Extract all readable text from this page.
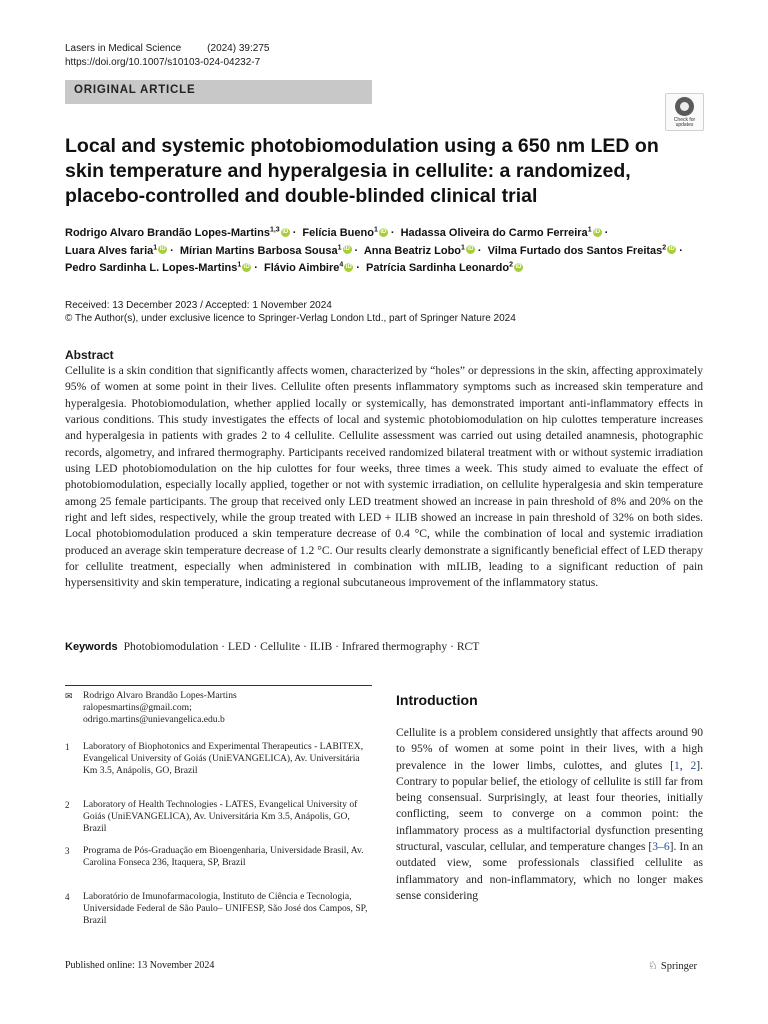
Lasers in Medical Science	(2024) 39:275
https://doi.org/10.1007/s10103-024-04232-7
ORIGINAL ARTICLE
Check for
updates
Local and systemic photobiomodulation using a 650 nm LED on skin temperature and hyperalgesia in cellulite: a randomized, placebo-controlled and double-blinded clinical trial
Rodrigo Alvaro Brandão Lopes-Martins$^{1,3}$ iD · Felícia Bueno$^1$ iD · Hadassa Oliveira do Carmo Ferreira$^1$ iD ·
Luara Alves faria$^1$ iD · Mírian Martins Barbosa Sousa$^1$ iD · Anna Beatriz Lobo$^1$ iD · Vilma Furtado dos Santos Freitas$^2$ iD ·
Pedro Sardinha L. Lopes-Martins$^1$ iD · Flávio Aimbire$^4$ iD · Patrícia Sardinha Leonardo$^2$ iD
Received: 13 December 2023 / Accepted: 1 November 2024
© The Author(s), under exclusive licence to Springer-Verlag London Ltd., part of Springer Nature 2024
Abstract

Cellulite is a skin condition that significantly affects women, characterized by “holes” or depressions in the skin, affecting approximately 95% of women at some point in their lives. Cellulite often presents inflammatory symptoms such as increased skin temperature and hyperalgesia. Photobiomodulation, whether applied locally or systemically, has demonstrated important anti-inflammatory effects in various conditions. This study investigates the effects of local and systemic photobiomodulation on hip culottes temperature increases and hyperalgesia in patients with grades 2 to 4 cellulite. Cellulite assessment was carried out using detailed anamnesis, photographic records, algometry, and infrared thermography. Participants received randomized bilateral treatment with or without systemic irradiation using LED photobiomodulation on the hip culottes for four weeks, three times a week. This study aimed to evaluate the effect of photobiomodulation, especially locally applied, together or not with systemic irradiation, on cellulite hyperalgesia and skin temperature among 25 female participants. The group that received only LED treatment showed an increase in pain threshold of 8% and 20% on the right and left sides, respectively, while the group treated with LED + ILIB showed an increase in pain threshold of 32% on both sides. Local photobiomodulation produced a skin temperature decrease of 0.4 °C, while the combination of local and systemic irradiation produced an average skin temperature decrease of 1.2 °C. Our results clearly demonstrate a significantly beneficial effect of LED therapy for cellulite treatment, especially when administered in combination with mILIB, leading to a significant reduction of pain hypersensitivity and skin temperature, indicating a regional subcutaneous improvement of the inflammatory status.

Keywords Photobiomodulation · LED · Cellulite · ILIB · Infrared thermography · RCT
✉ Rodrigo Alvaro Brandão Lopes-Martins
ralopesmartins@gmail.com;
odrigo.martins@unievangelica.edu.b
1 Laboratory of Biophotonics and Experimental Therapeutics - LABITEX, Evangelical University of Goiás (UniEVANGELICA), Av. Universitária Km 3.5, Anápolis, GO, Brazil
2 Laboratory of Health Technologies - LATES, Evangelical University of Goiás (UniEVANGELICA), Av. Universitária Km 3.5, Anápolis, GO, Brazil
3 Programa de Pós-Graduação em Bioengenharia, Universidade Brasil, Av. Carolina Fonseca 236, Itaquera, SP, Brazil
4 Laboratório de Imunofarmacologia, Instituto de Ciência e Tecnologia, Universidade Federal de São Paulo– UNIFESP, São José dos Campos, SP, Brazil
Introduction

Cellulite is a problem considered unsightly that affects around 90 to 95% of women at some point in their lives, with a high prevalence in the lower limbs, culottes, and glutes [1, 2]. Contrary to popular belief, the etiology of cellulite is still far from being consensual. Surprisingly, at least four theories, initially conflicting, seem to converge on a common point: the inflammatory process as a multifactorial dysfunction presenting structural, vascular, cellular, and temperature changes [3–6]. In an outdated view, some professionals classified cellulite as inflammatory and non-inflammatory, which no longer makes sense considering

Published online: 13 November 2024	♘ Springer
